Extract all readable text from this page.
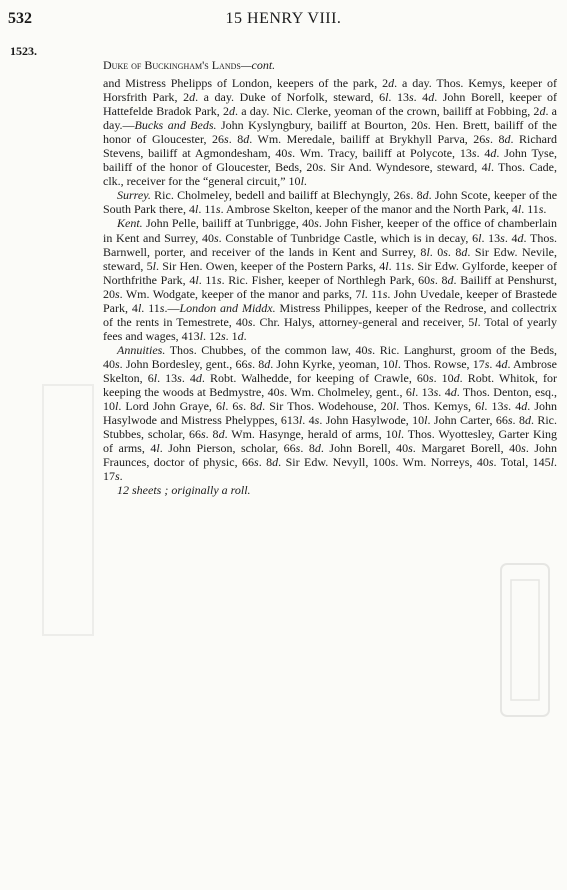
532	15 HENRY VIII.
1523.
Duke of Buckingham's Lands—cont.

and Mistress Phelipps of London, keepers of the park, 2d. a day. Thos. Kemys, keeper of Horsfrith Park, 2d. a day. Duke of Norfolk, steward, 6l. 13s. 4d. John Borell, keeper of Hattefelde Bradok Park, 2d. a day. Nic. Clerke, yeoman of the crown, bailiff at Fobbing, 2d. a day.—Bucks and Beds. John Kyslyngbury, bailiff at Bourton, 20s. Hen. Brett, bailiff of the honor of Gloucester, 26s. 8d. Wm. Meredale, bailiff at Brykhyll Parva, 26s. 8d. Richard Stevens, bailiff at Agmondesham, 40s. Wm. Tracy, bailiff at Polycote, 13s. 4d. John Tyse, bailiff of the honor of Gloucester, Beds, 20s. Sir And. Wyndesore, steward, 4l. Thos. Cade, clk., receiver for the “general circuit,” 10l.

Surrey. Ric. Cholmeley, bedell and bailiff at Blechyngly, 26s. 8d. John Scote, keeper of the South Park there, 4l. 11s. Ambrose Skelton, keeper of the manor and the North Park, 4l. 11s.

Kent. John Pelle, bailiff at Tunbrigge, 40s. John Fisher, keeper of the office of chamberlain in Kent and Surrey, 40s. Constable of Tunbridge Castle, which is in decay, 6l. 13s. 4d. Thos. Barnwell, porter, and receiver of the lands in Kent and Surrey, 8l. 0s. 8d. Sir Edw. Nevile, steward, 5l. Sir Hen. Owen, keeper of the Postern Parks, 4l. 11s. Sir Edw. Gylforde, keeper of Northfrithe Park, 4l. 11s. Ric. Fisher, keeper of Northlegh Park, 60s. 8d. Bailiff at Penshurst, 20s. Wm. Wodgate, keeper of the manor and parks, 7l. 11s. John Uvedale, keeper of Brastede Park, 4l. 11s.—London and Middx. Mistress Philippes, keeper of the Redrose, and collectrix of the rents in Temestrete, 40s. Chr. Halys, attorney-general and receiver, 5l. Total of yearly fees and wages, 413l. 12s. 1d.

Annuities. Thos. Chubbes, of the common law, 40s. Ric. Langhurst, groom of the Beds, 40s. John Bordesley, gent., 66s. 8d. John Kyrke, yeoman, 10l. Thos. Rowse, 17s. 4d. Ambrose Skelton, 6l. 13s. 4d. Robt. Walhedde, for keeping of Crawle, 60s. 10d. Robt. Whitok, for keeping the woods at Bedmystre, 40s. Wm. Cholmeley, gent., 6l. 13s. 4d. Thos. Denton, esq., 10l. Lord John Graye, 6l. 6s. 8d. Sir Thos. Wodehouse, 20l. Thos. Kemys, 6l. 13s. 4d. John Hasylwode and Mistress Phelyppes, 613l. 4s. John Hasylwode, 10l. John Carter, 66s. 8d. Ric. Stubbes, scholar, 66s. 8d. Wm. Hasynge, herald of arms, 10l. Thos. Wyottesley, Garter King of arms, 4l. John Pierson, scholar, 66s. 8d. John Borell, 40s. Margaret Borell, 40s. John Fraunces, doctor of physic, 66s. 8d. Sir Edw. Nevyll, 100s. Wm. Norreys, 40s. Total, 145l. 17s.

12 sheets ; originally a roll.
